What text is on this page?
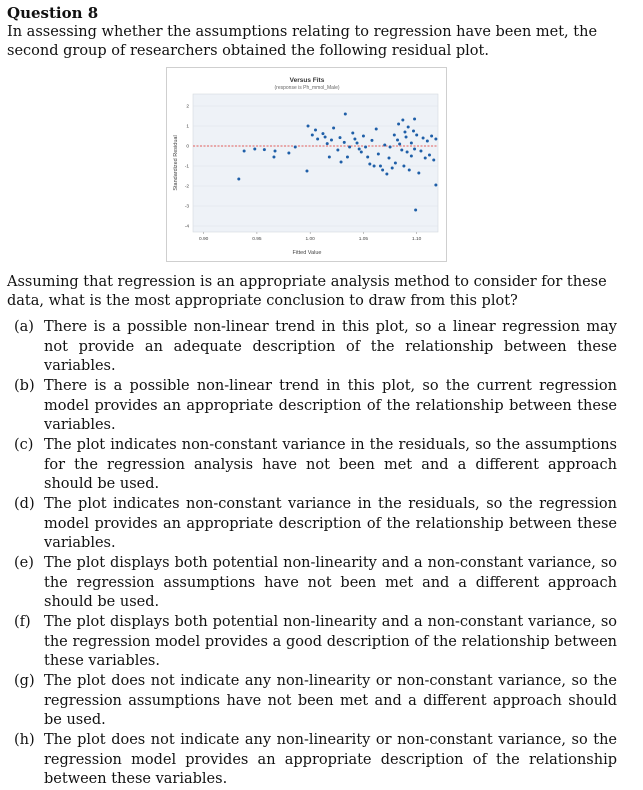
Question 8
In assessing whether the assumptions relating to regression have been met, the second group of researchers obtained the following residual plot.
Versus Fits
(response is Ph_mmol_Male)
2
1
0
-1
-2
-3
-4
0.90	0.95	1.00	1.05	1.10
Fitted Value
Standardized Residual
Assuming that regression is an appropriate analysis method to consider for these data, what is the most appropriate conclusion to draw from this plot?
(a) There is a possible non-linear trend in this plot, so a linear regression may not provide an adequate description of the relationship between these variables.
(b) There is a possible non-linear trend in this plot, so the current regression model provides an appropriate description of the relationship between these variables.
(c) The plot indicates non-constant variance in the residuals, so the assumptions for the regression analysis have not been met and a different approach should be used.
(d) The plot indicates non-constant variance in the residuals, so the regression model provides an appropriate description of the relationship between these variables.
(e) The plot displays both potential non-linearity and a non-constant variance, so the regression assumptions have not been met and a different approach should be used.
(f) The plot displays both potential non-linearity and a non-constant variance, so the regression model provides a good description of the relationship between these variables.
(g) The plot does not indicate any non-linearity or non-constant variance, so the regression assumptions have not been met and a different approach should be used.
(h) The plot does not indicate any non-linearity or non-constant variance, so the regression model provides an appropriate description of the relationship between these variables.
